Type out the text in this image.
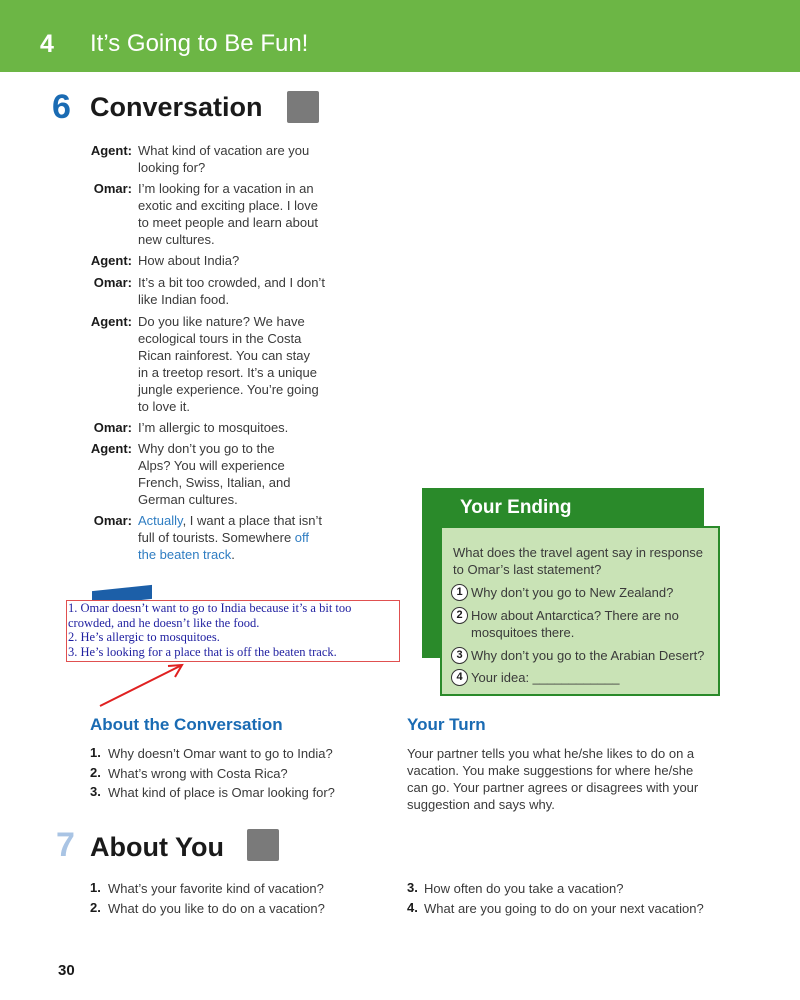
4 It’s Going to Be Fun!
6 Conversation
Agent: What kind of vacation are you
looking for?
Omar: I’m looking for a vacation in an
exotic and exciting place. I love
to meet people and learn about
new cultures.
Agent: How about India?
Omar: It’s a bit too crowded, and I don’t
like Indian food.
Agent: Do you like nature? We have
ecological tours in the Costa
Rican rainforest. You can stay
in a treetop resort. It’s a unique
jungle experience. You’re going
to love it.
Omar: I’m allergic to mosquitoes.
Agent: Why don’t you go to the
Alps? You will experience
French, Swiss, Italian, and
German cultures.
Omar: Actually, I want a place that isn’t
full of tourists. Somewhere off
the beaten track.
1. Omar doesn’t want to go to India because it’s a bit too
crowded, and he doesn’t like the food.
2. He’s allergic to mosquitoes.
3. He’s looking for a place that is off the beaten track.
Your Ending
What does the travel agent say in response
to Omar’s last statement?
1 Why don’t you go to New Zealand?
2 How about Antarctica? There are no
mosquitoes there.
3 Why don’t you go to the Arabian Desert?
4 Your idea: ____________
About the Conversation
1. Why doesn’t Omar want to go to India?
2. What’s wrong with Costa Rica?
3. What kind of place is Omar looking for?
Your Turn
Your partner tells you what he/she likes to do on a
vacation. You make suggestions for where he/she
can go. Your partner agrees or disagrees with your
suggestion and says why.
7 About You
1. What’s your favorite kind of vacation?
2. What do you like to do on a vacation?
3. How often do you take a vacation?
4. What are you going to do on your next vacation?
30
